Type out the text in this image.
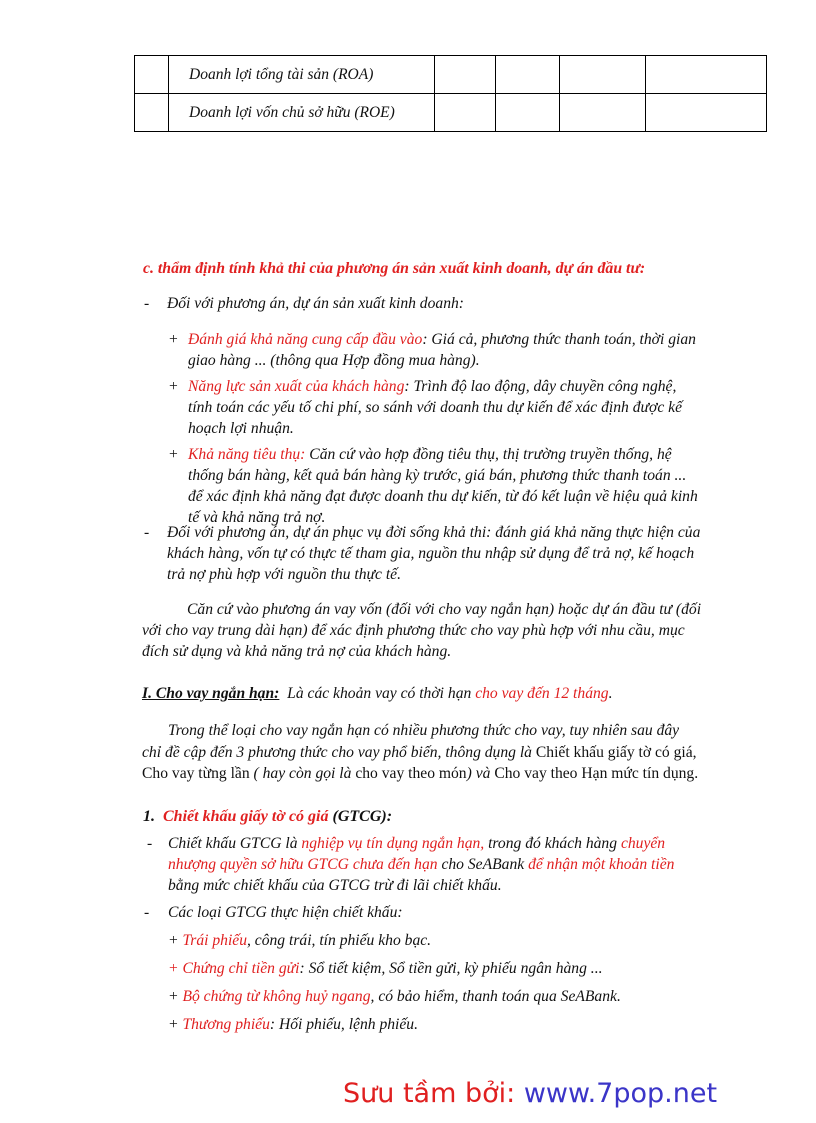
	Doanh lợi tổng tài sản (ROA)				
	Doanh lợi vốn chủ sở hữu (ROE)				
c. thẩm định tính khả thi của phương án sản xuất kinh doanh, dự án đầu tư:
- Đối với phương án, dự án sản xuất kinh doanh:
+ Đánh giá khả năng cung cấp đầu vào: Giá cả, phương thức thanh toán, thời gian giao hàng ... (thông qua Hợp đồng mua hàng).
+ Năng lực sản xuất của khách hàng: Trình độ lao động, dây chuyền công nghệ, tính toán các yếu tố chi phí, so sánh với doanh thu dự kiến để xác định được kế hoạch lợi nhuận.
+ Khả năng tiêu thụ: Căn cứ vào hợp đồng tiêu thụ, thị trường truyền thống, hệ thống bán hàng, kết quả bán hàng kỳ trước, giá bán, phương thức thanh toán ... để xác định khả năng đạt được doanh thu dự kiến, từ đó kết luận về hiệu quả kinh tế và khả năng trả nợ.
- Đối với phương án, dự án phục vụ đời sống khả thi: đánh giá khả năng thực hiện của khách hàng, vốn tự có thực tế tham gia, nguồn thu nhập sử dụng để trả nợ, kế hoạch trả nợ phù hợp với nguồn thu thực tế.
Căn cứ vào phương án vay vốn (đối với cho vay ngắn hạn) hoặc dự án đầu tư (đối với cho vay trung dài hạn) để xác định phương thức cho vay phù hợp với nhu cầu, mục đích sử dụng và khả năng trả nợ của khách hàng.
I. Cho vay ngắn hạn: Là các khoản vay có thời hạn cho vay đến 12 tháng.
Trong thể loại cho vay ngắn hạn có nhiều phương thức cho vay, tuy nhiên sau đây chỉ đề cập đến 3 phương thức cho vay phổ biến, thông dụng là Chiết khấu giấy tờ có giá, Cho vay từng lần ( hay còn gọi là cho vay theo món) và Cho vay theo Hạn mức tín dụng.
1. Chiết khấu giấy tờ có giá (GTCG):
- Chiết khấu GTCG là nghiệp vụ tín dụng ngắn hạn, trong đó khách hàng chuyển nhượng quyền sở hữu GTCG chưa đến hạn cho SeABank để nhận một khoản tiền bằng mức chiết khấu của GTCG trừ đi lãi chiết khấu.
- Các loại GTCG thực hiện chiết khấu:
+ Trái phiếu, công trái, tín phiếu kho bạc.
+ Chứng chỉ tiền gửi: Sổ tiết kiệm, Sổ tiền gửi, kỳ phiếu ngân hàng ...
+ Bộ chứng từ không huỷ ngang, có bảo hiểm, thanh toán qua SeABank.
+ Thương phiếu: Hối phiếu, lệnh phiếu.
Sưu tầm bởi: www.7pop.net
